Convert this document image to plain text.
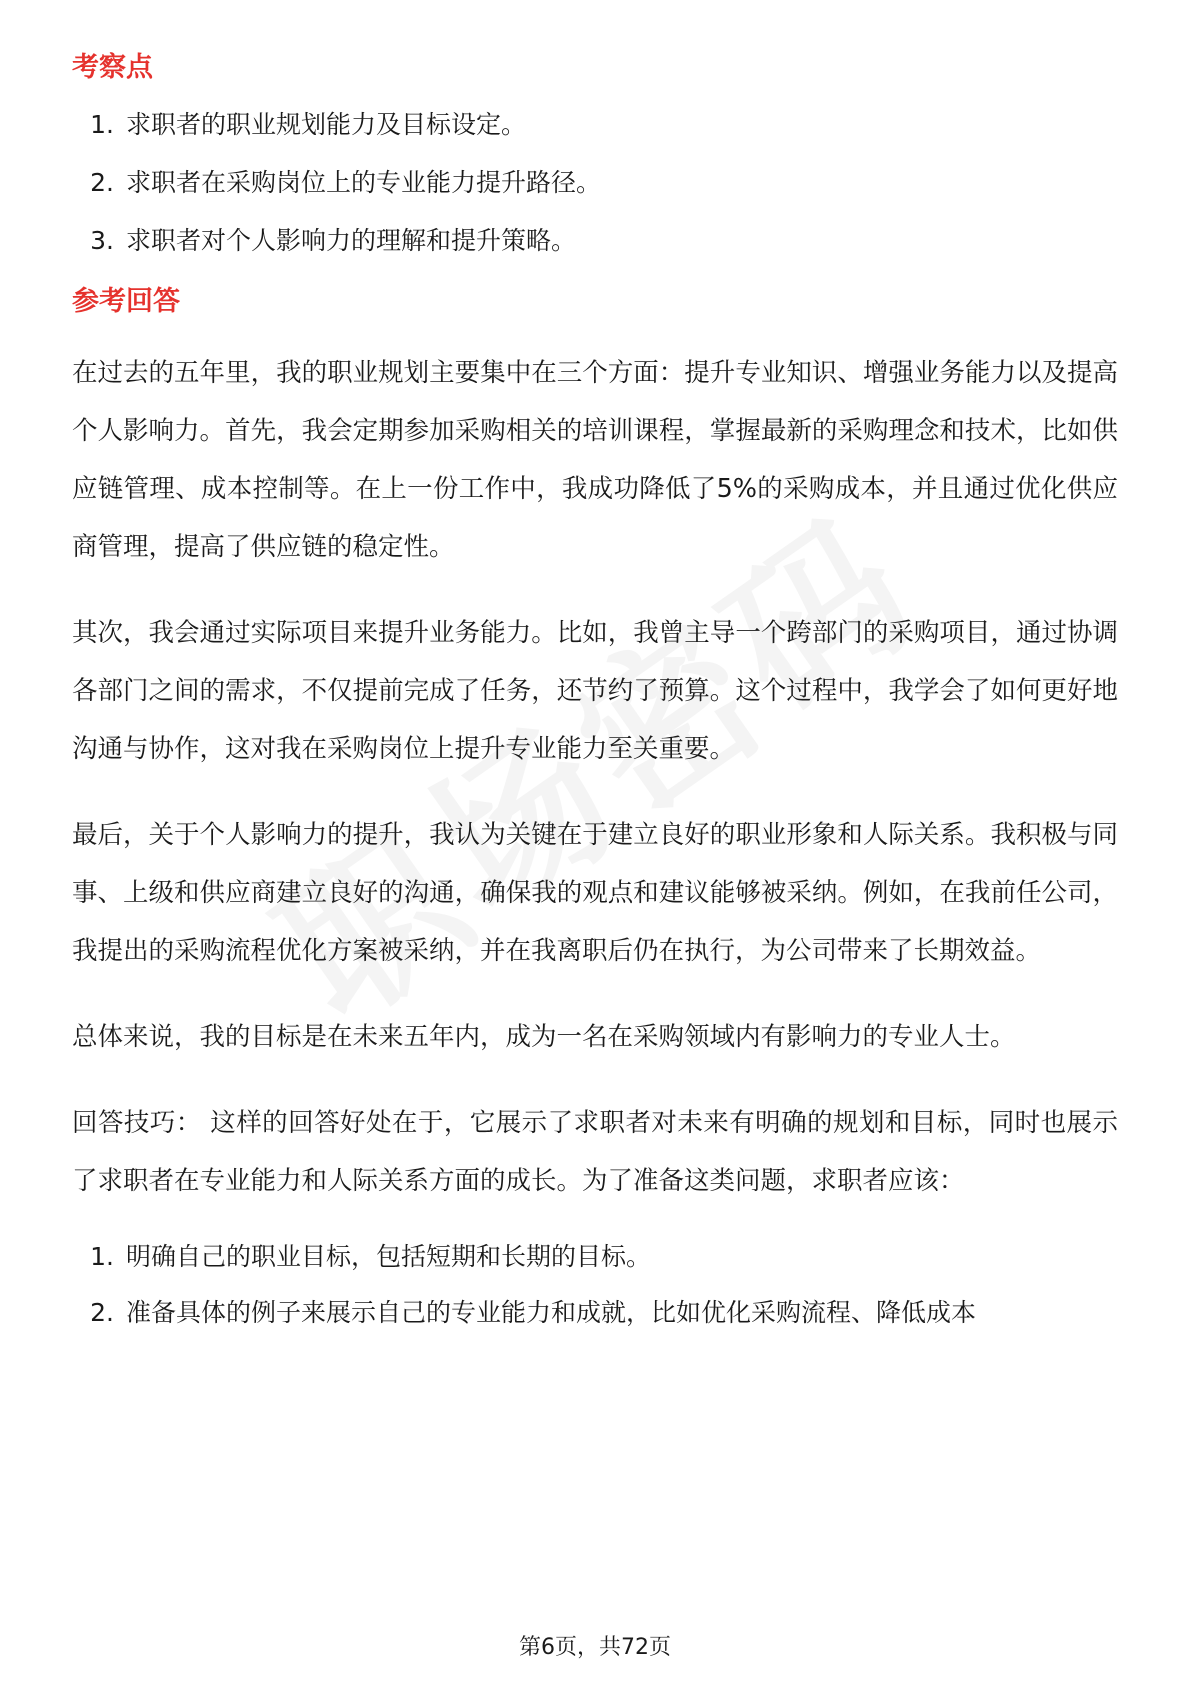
考察点
1. 求职者的职业规划能力及目标设定。
2. 求职者在采购岗位上的专业能力提升路径。
3. 求职者对个人影响力的理解和提升策略。
参考回答

在过去的五年里，我的职业规划主要集中在三个方面：提升专业知识、增强业务能力以及提高个人影响力。首先，我会定期参加采购相关的培训课程，掌握最新的采购理念和技术，比如供应链管理、成本控制等。在上一份工作中，我成功降低了5%的采购成本，并且通过优化供应商管理，提高了供应链的稳定性。

其次，我会通过实际项目来提升业务能力。比如，我曾主导一个跨部门的采购项目，通过协调各部门之间的需求，不仅提前完成了任务，还节约了预算。这个过程中，我学会了如何更好地沟通与协作，这对我在采购岗位上提升专业能力至关重要。

最后，关于个人影响力的提升，我认为关键在于建立良好的职业形象和人际关系。我积极与同事、上级和供应商建立良好的沟通，确保我的观点和建议能够被采纳。例如，在我前任公司，我提出的采购流程优化方案被采纳，并在我离职后仍在执行，为公司带来了长期效益。

总体来说，我的目标是在未来五年内，成为一名在采购领域内有影响力的专业人士。

回答技巧： 这样的回答好处在于，它展示了求职者对未来有明确的规划和目标，同时也展示了求职者在专业能力和人际关系方面的成长。为了准备这类问题，求职者应该：

1. 明确自己的职业目标，包括短期和长期的目标。
2. 准备具体的例子来展示自己的专业能力和成就，比如优化采购流程、降低成本
第6页，共72页
